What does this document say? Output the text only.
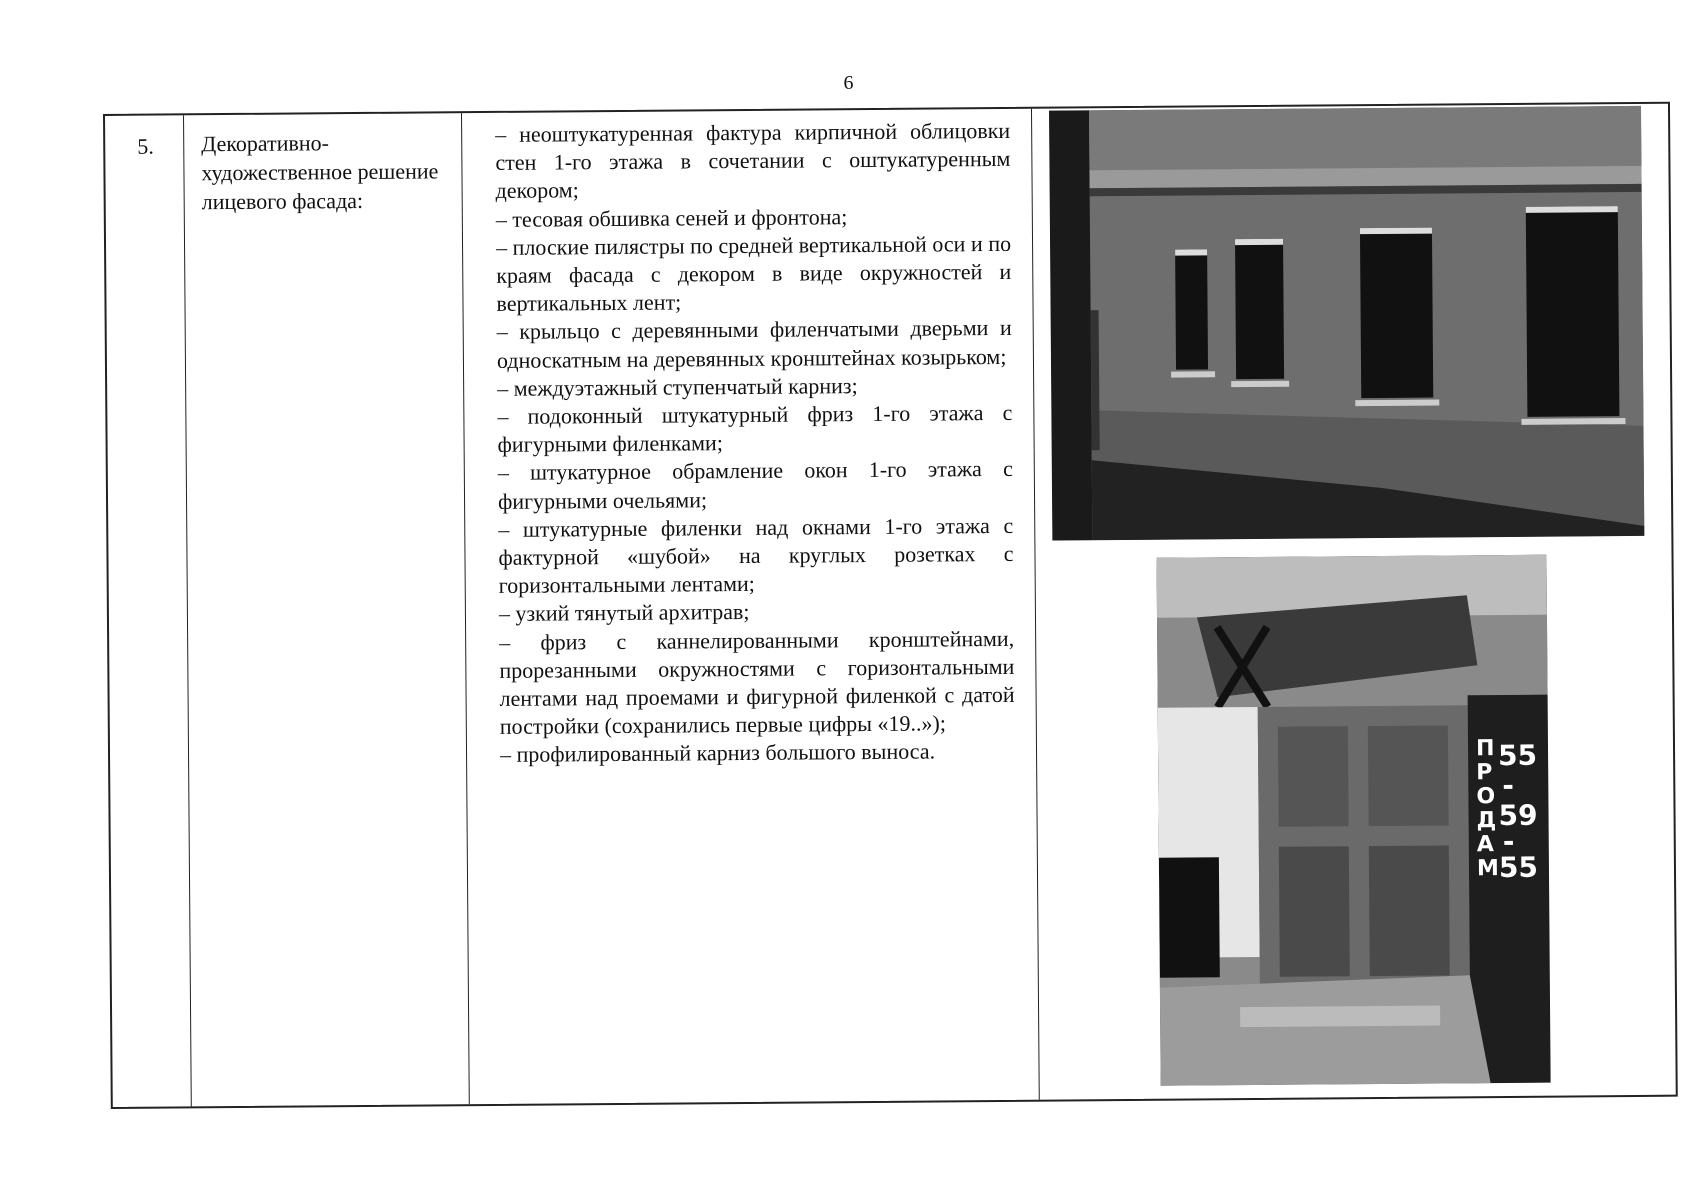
6
5. Декоративно-художественное решение лицевого фасада:

– неоштукатуренная фактура кирпичной облицовки стен 1-го этажа в сочетании с оштукатуренным декором;

– тесовая обшивка сеней и фронтона;

– плоские пилястры по средней вертикальной оси и по краям фасада с декором в виде окружностей и вертикальных лент;

– крыльцо с деревянными филенчатыми дверьми и односкатным на деревянных кронштейнах козырьком;

– междуэтажный ступенчатый карниз;

– подоконный штукатурный фриз 1-го этажа с фигурными филенками;

– штукатурное обрамление окон 1-го этажа с фигурными очельями;

– штукатурные филенки над окнами 1-го этажа с фактурной «шубой» на круглых розетках с горизонтальными лентами;

– узкий тянутый архитрав;

– фриз с каннелированными кронштейнами, прорезанными окружностями с горизонтальными лентами над проемами и фигурной филенкой с датой постройки (сохранились первые цифры «19..»);

– профилированный карниз большого выноса.	П
Р
О
Д
А
М
55
-
59
-
55
